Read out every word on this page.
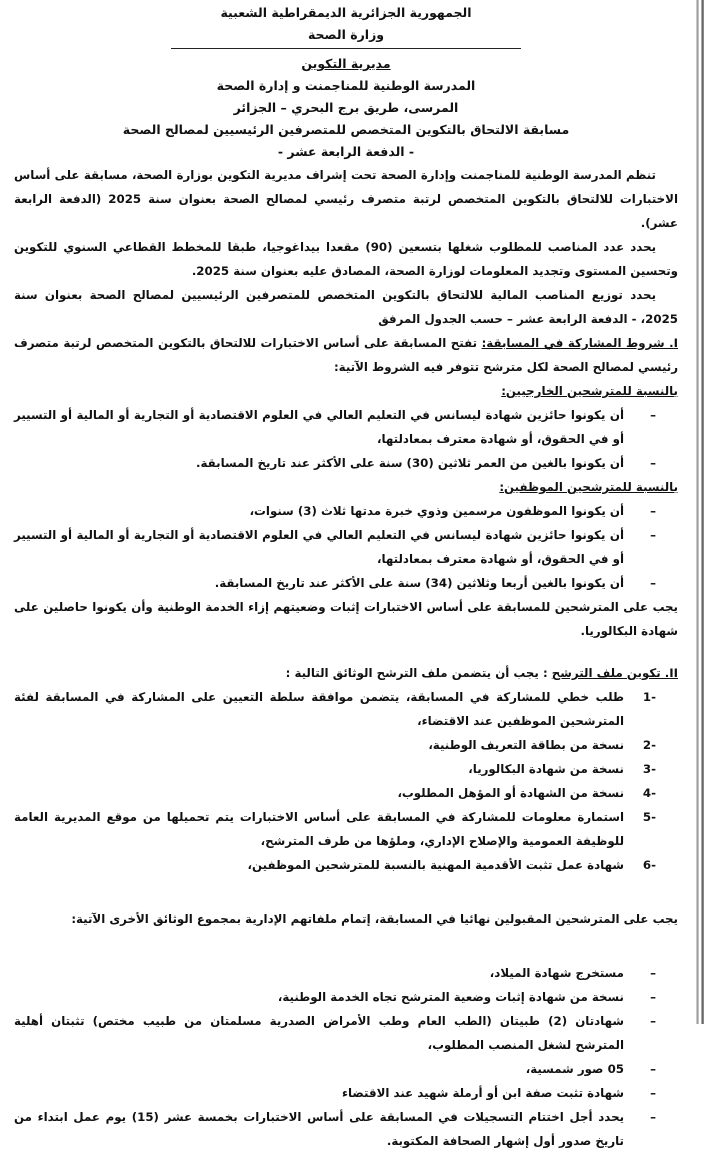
الجمهورية الجزائرية الديمقراطية الشعبية
وزارة الصحة
مديرية التكوين
المدرسة الوطنية للمناجمنت و إدارة الصحة
المرسى، طريق برج البحري – الجزائر
مسابقة الالتحاق بالتكوين المتخصص للمتصرفين الرئيسيين لمصالح الصحة
- الدفعة الرابعة عشر -

تنظم المدرسة الوطنية للمناجمنت وإدارة الصحة تحت إشراف مديرية التكوين بوزارة الصحة، مسابقة على أساس الاختبارات للالتحاق بالتكوين المتخصص لرتبة متصرف رئيسي لمصالح الصحة بعنوان سنة 2025 (الدفعة الرابعة عشر).

يحدد عدد المناصب للمطلوب شغلها بتسعين (90) مقعدا بيداغوجيا، طبقا للمخطط القطاعي السنوي للتكوين وتحسين المستوى وتجديد المعلومات لوزارة الصحة، المصادق عليه بعنوان سنة 2025.

يحدد توزيع المناصب المالية للالتحاق بالتكوين المتخصص للمتصرفين الرئيسيين لمصالح الصحة بعنوان سنة 2025، - الدفعة الرابعة عشر – حسب الجدول المرفق

I. شروط المشاركة في المسابقة: تفتح المسابقة على أساس الاختبارات للالتحاق بالتكوين المتخصص لرتبة متصرف رئيسي لمصالح الصحة لكل مترشح تتوفر فيه الشروط الآتية:

بالنسبة للمترشحين الخارجيين:
–
أن يكونوا حائزين شهادة ليسانس في التعليم العالي في العلوم الاقتصادية أو التجارية أو المالية أو التسيير أو في الحقوق، أو شهادة معترف بمعادلتها،
–
أن يكونوا بالغين من العمر ثلاثين (30) سنة على الأكثر عند تاريخ المسابقة.
بالنسبة للمترشحين الموظفين:
–
أن يكونوا الموظفون مرسمين وذوي خبرة مدتها ثلاث (3) سنوات،
–
أن يكونوا حائزين شهادة ليسانس في التعليم العالي في العلوم الاقتصادية أو التجارية أو المالية أو التسيير أو في الحقوق، أو شهادة معترف بمعادلتها،
–
أن يكونوا بالغين أربعا وثلاثين (34) سنة على الأكثر عند تاريخ المسابقة.

يجب على المترشحين للمسابقة على أساس الاختبارات إثبات وضعيتهم إزاء الخدمة الوطنية وأن يكونوا حاصلين على شهادة البكالوريا.

II. تكوين ملف الترشح : يجب أن يتضمن ملف الترشح الوثائق التالية :

-1
طلب خطي للمشاركة في المسابقة، يتضمن موافقة سلطة التعيين على المشاركة في المسابقة لفئة المترشحين الموظفين عند الاقتضاء،
-2
نسخة من بطاقة التعريف الوطنية،
-3
نسخة من شهادة البكالوريا،
-4
نسخة من الشهادة أو المؤهل المطلوب،
-5
استمارة معلومات للمشاركة في المسابقة على أساس الاختبارات يتم تحميلها من موقع المديرية العامة للوظيفة العمومية والإصلاح الإداري، وملؤها من طرف المترشح،
-6
شهادة عمل تثبت الأقدمية المهنية بالنسبة للمترشحين الموظفين،

يجب على المترشحين المقبولين نهائيا في المسابقة، إتمام ملفاتهم الإدارية بمجموع الوثائق الأخرى الآتية:

–
مستخرج شهادة الميلاد،
–
نسخة من شهادة إثبات وضعية المترشح تجاه الخدمة الوطنية،
–
شهادتان (2) طبيتان (الطب العام وطب الأمراض الصدرية مسلمتان من طبيب مختص) تثبتان أهلية المترشح لشغل المنصب المطلوب،
–
05 صور شمسية،
–
شهادة تثبت صفة ابن أو أرملة شهيد عند الاقتضاء
–
يحدد أجل اختتام التسجيلات في المسابقة على أساس الاختبارات بخمسة عشر (15) يوم عمل ابتداء من تاريخ صدور أول إشهار الصحافة المكتوبة.
